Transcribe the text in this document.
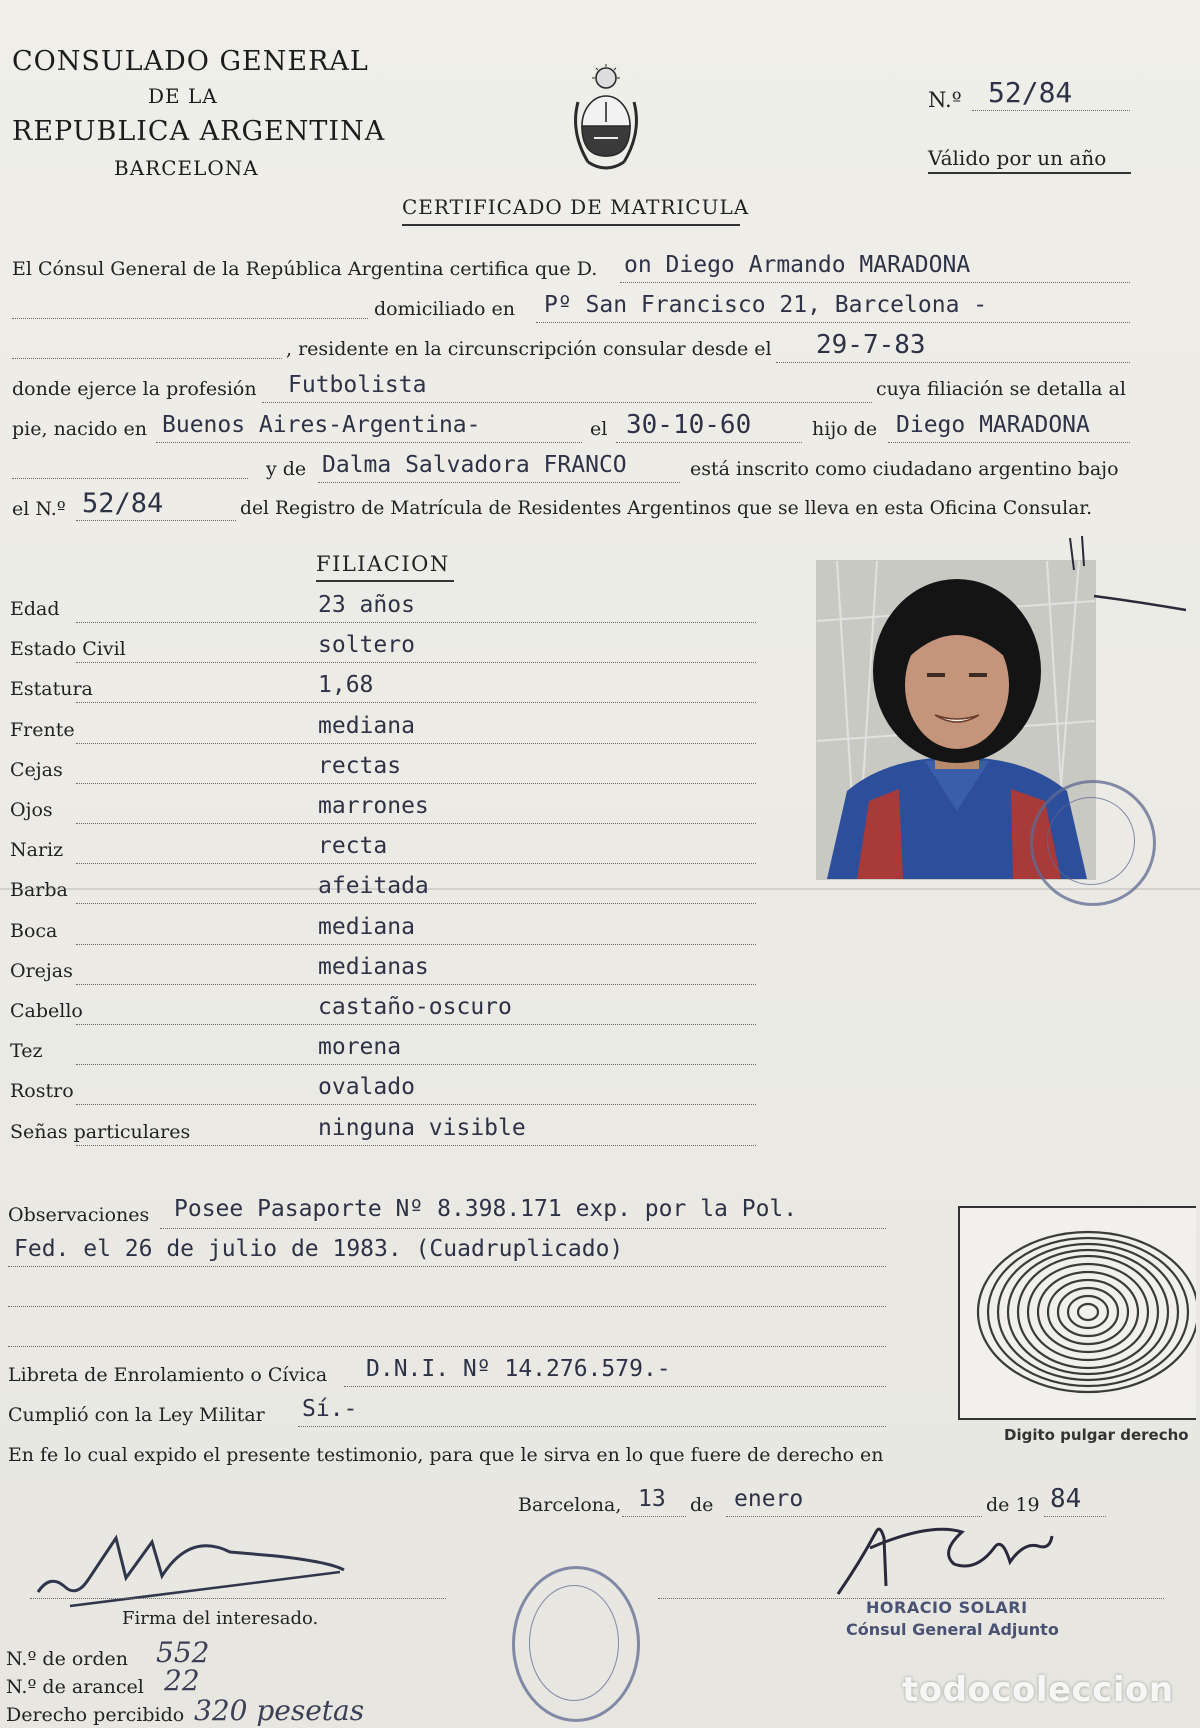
CONSULADO GENERAL
DE LA
REPUBLICA ARGENTINA
BARCELONA
N.º 52/84
Válido por un año
CERTIFICADO DE MATRICULA
El Cónsul General de la República Argentina certifica que D. on Diego Armando MARADONA
domiciliado en Pº San Francisco 21, Barcelona -
, residente en la circunscripción consular desde el 29-7-83
donde ejerce la profesión Futbolista	cuya filiación se detalla al
pie, nacido en Buenos Aires-Argentina-	el 30-10-60	hijo de Diego MARADONA
y de Dalma Salvadora FRANCO	está inscrito como ciudadano argentino bajo
el N.º 52/84	del Registro de Matrícula de Residentes Argentinos que se lleva en esta Oficina Consular.
FILIACION
Edad	23 años
Estado Civil	soltero
Estatura	1,68
Frente	mediana
Cejas	rectas
Ojos	marrones
Nariz	recta
Barba	afeitada
Boca	mediana
Orejas	medianas
Cabello	castaño-oscuro
Tez	morena
Rostro	ovalado
Señas particulares	ninguna visible
Observaciones Posee Pasaporte Nº 8.398.171 exp. por la Pol.
Fed. el 26 de julio de 1983. (Cuadruplicado)
Digito pulgar derecho
Libreta de Enrolamiento o Cívica D.N.I. Nº 14.276.579.-
Cumplió con la Ley Militar Sí.-
En fe lo cual expido el presente testimonio, para que le sirva en lo que fuere de derecho en
Barcelona, 13 de enero	de 19 84
Firma del interesado.
HORACIO SOLARI
Cónsul General Adjunto
N.º de orden 552
N.º de arancel 22
Derecho percibido 320 pesetas
todocoleccion
